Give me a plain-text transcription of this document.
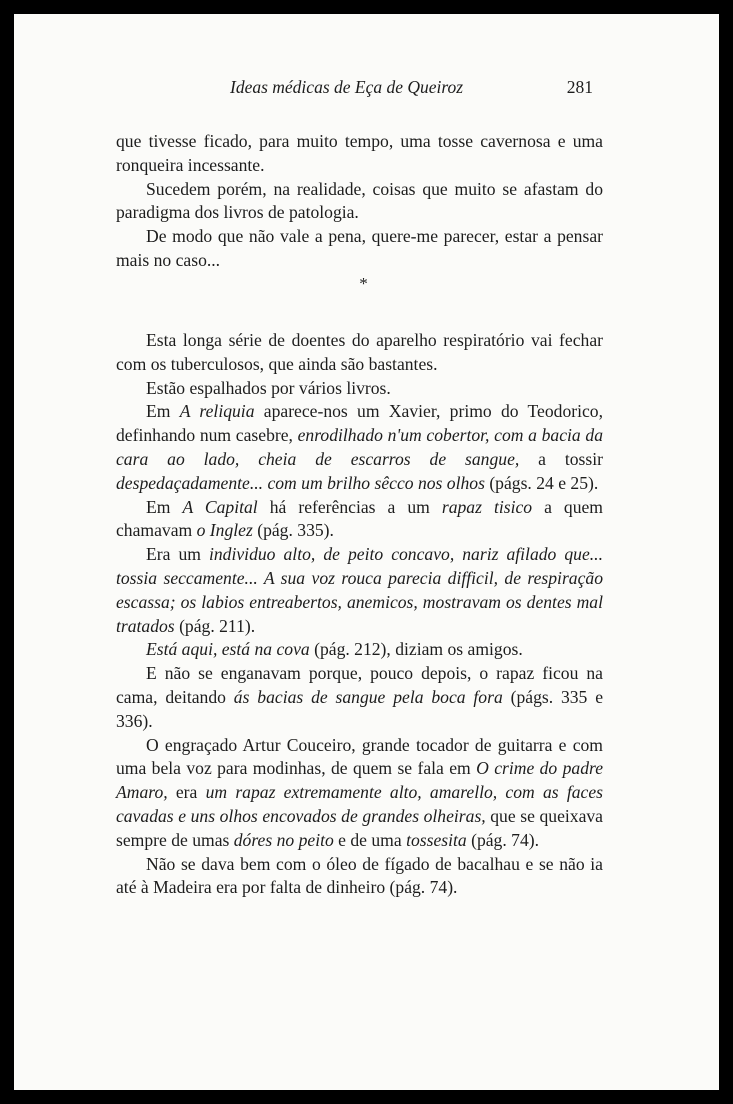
Ideas médicas de Eça de Queiroz	281

que tivesse ficado, para muito tempo, uma tosse cavernosa e uma ronqueira incessante.

Sucedem porém, na realidade, coisas que muito se afastam do paradigma dos livros de patologia.

De modo que não vale a pena, quere-me parecer, estar a pensar mais no caso...

*

Esta longa série de doentes do aparelho respiratório vai fechar com os tuberculosos, que ainda são bastantes.

Estão espalhados por vários livros.

Em A reliquia aparece-nos um Xavier, primo do Teodorico, definhando num casebre, enrodilhado n'um cobertor, com a bacia da cara ao lado, cheia de escarros de sangue, a tossir despedaçadamente... com um brilho sêcco nos olhos (págs. 24 e 25).

Em A Capital há referências a um rapaz tisico a quem chamavam o Inglez (pág. 335).

Era um individuo alto, de peito concavo, nariz afilado que... tossia seccamente... A sua voz rouca parecia difficil, de respiração escassa; os labios entreabertos, anemicos, mostravam os dentes mal tratados (pág. 211).

Está aqui, está na cova (pág. 212), diziam os amigos.

E não se enganavam porque, pouco depois, o rapaz ficou na cama, deitando ás bacias de sangue pela boca fora (págs. 335 e 336).

O engraçado Artur Couceiro, grande tocador de guitarra e com uma bela voz para modinhas, de quem se fala em O crime do padre Amaro, era um rapaz extremamente alto, amarello, com as faces cavadas e uns olhos encovados de grandes olheiras, que se queixava sempre de umas dóres no peito e de uma tossesita (pág. 74).

Não se dava bem com o óleo de fígado de bacalhau e se não ia até à Madeira era por falta de dinheiro (pág. 74).
